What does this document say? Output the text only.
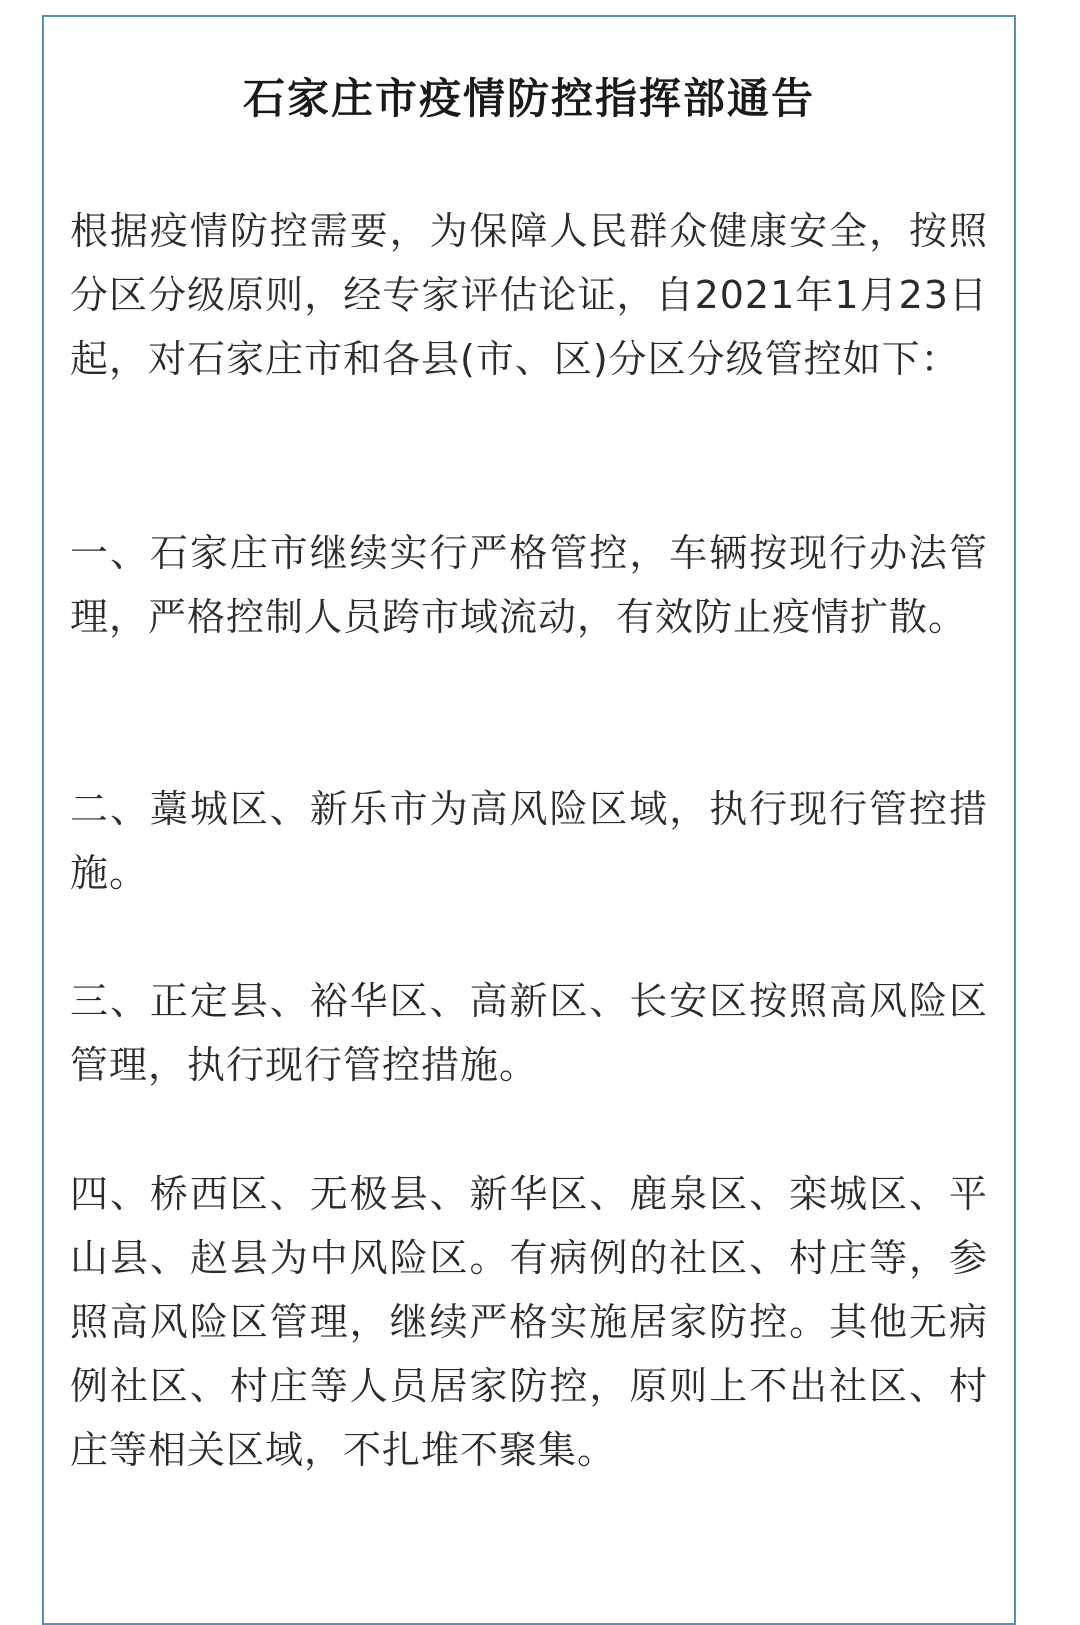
石家庄市疫情防控指挥部通告

根据疫情防控需要，为保障人民群众健康安全，按照分区分级原则，经专家评估论证，自2021年1月23日起，对石家庄市和各县(市、区)分区分级管控如下：

一、石家庄市继续实行严格管控，车辆按现行办法管理，严格控制人员跨市域流动，有效防止疫情扩散。

二、藁城区、新乐市为高风险区域，执行现行管控措施。

三、正定县、裕华区、高新区、长安区按照高风险区管理，执行现行管控措施。

四、桥西区、无极县、新华区、鹿泉区、栾城区、平山县、赵县为中风险区。有病例的社区、村庄等，参照高风险区管理，继续严格实施居家防控。其他无病例社区、村庄等人员居家防控，原则上不出社区、村庄等相关区域，不扎堆不聚集。
